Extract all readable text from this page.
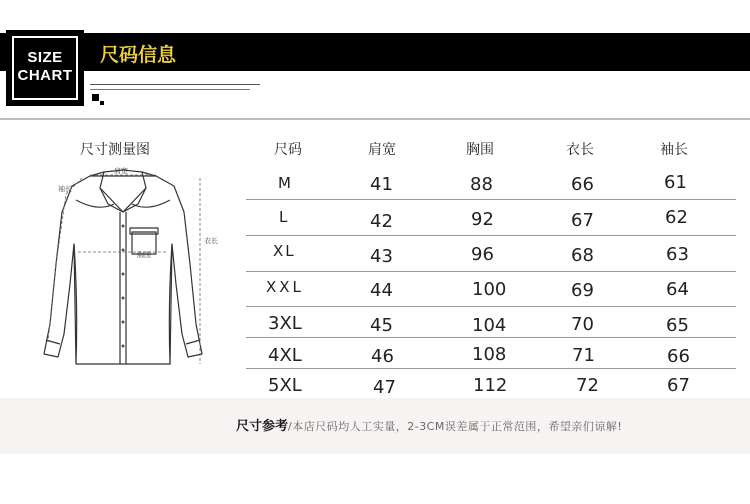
SIZE
CHART
尺码信息
尺寸测量图
肩宽
袖长
胸围
衣长
尺码	肩宽	胸围	衣长	袖长
M	41	88	66	61
L	42	92	67	62
XL	43	96	68	63
XXL	44	100	69	64
3XL	45	104	70	65
4XL	46	108	71	66
5XL	47	112	72	67
尺寸参考/本店尺码均人工实量，2-3CM误差属于正常范围，希望亲们谅解!
